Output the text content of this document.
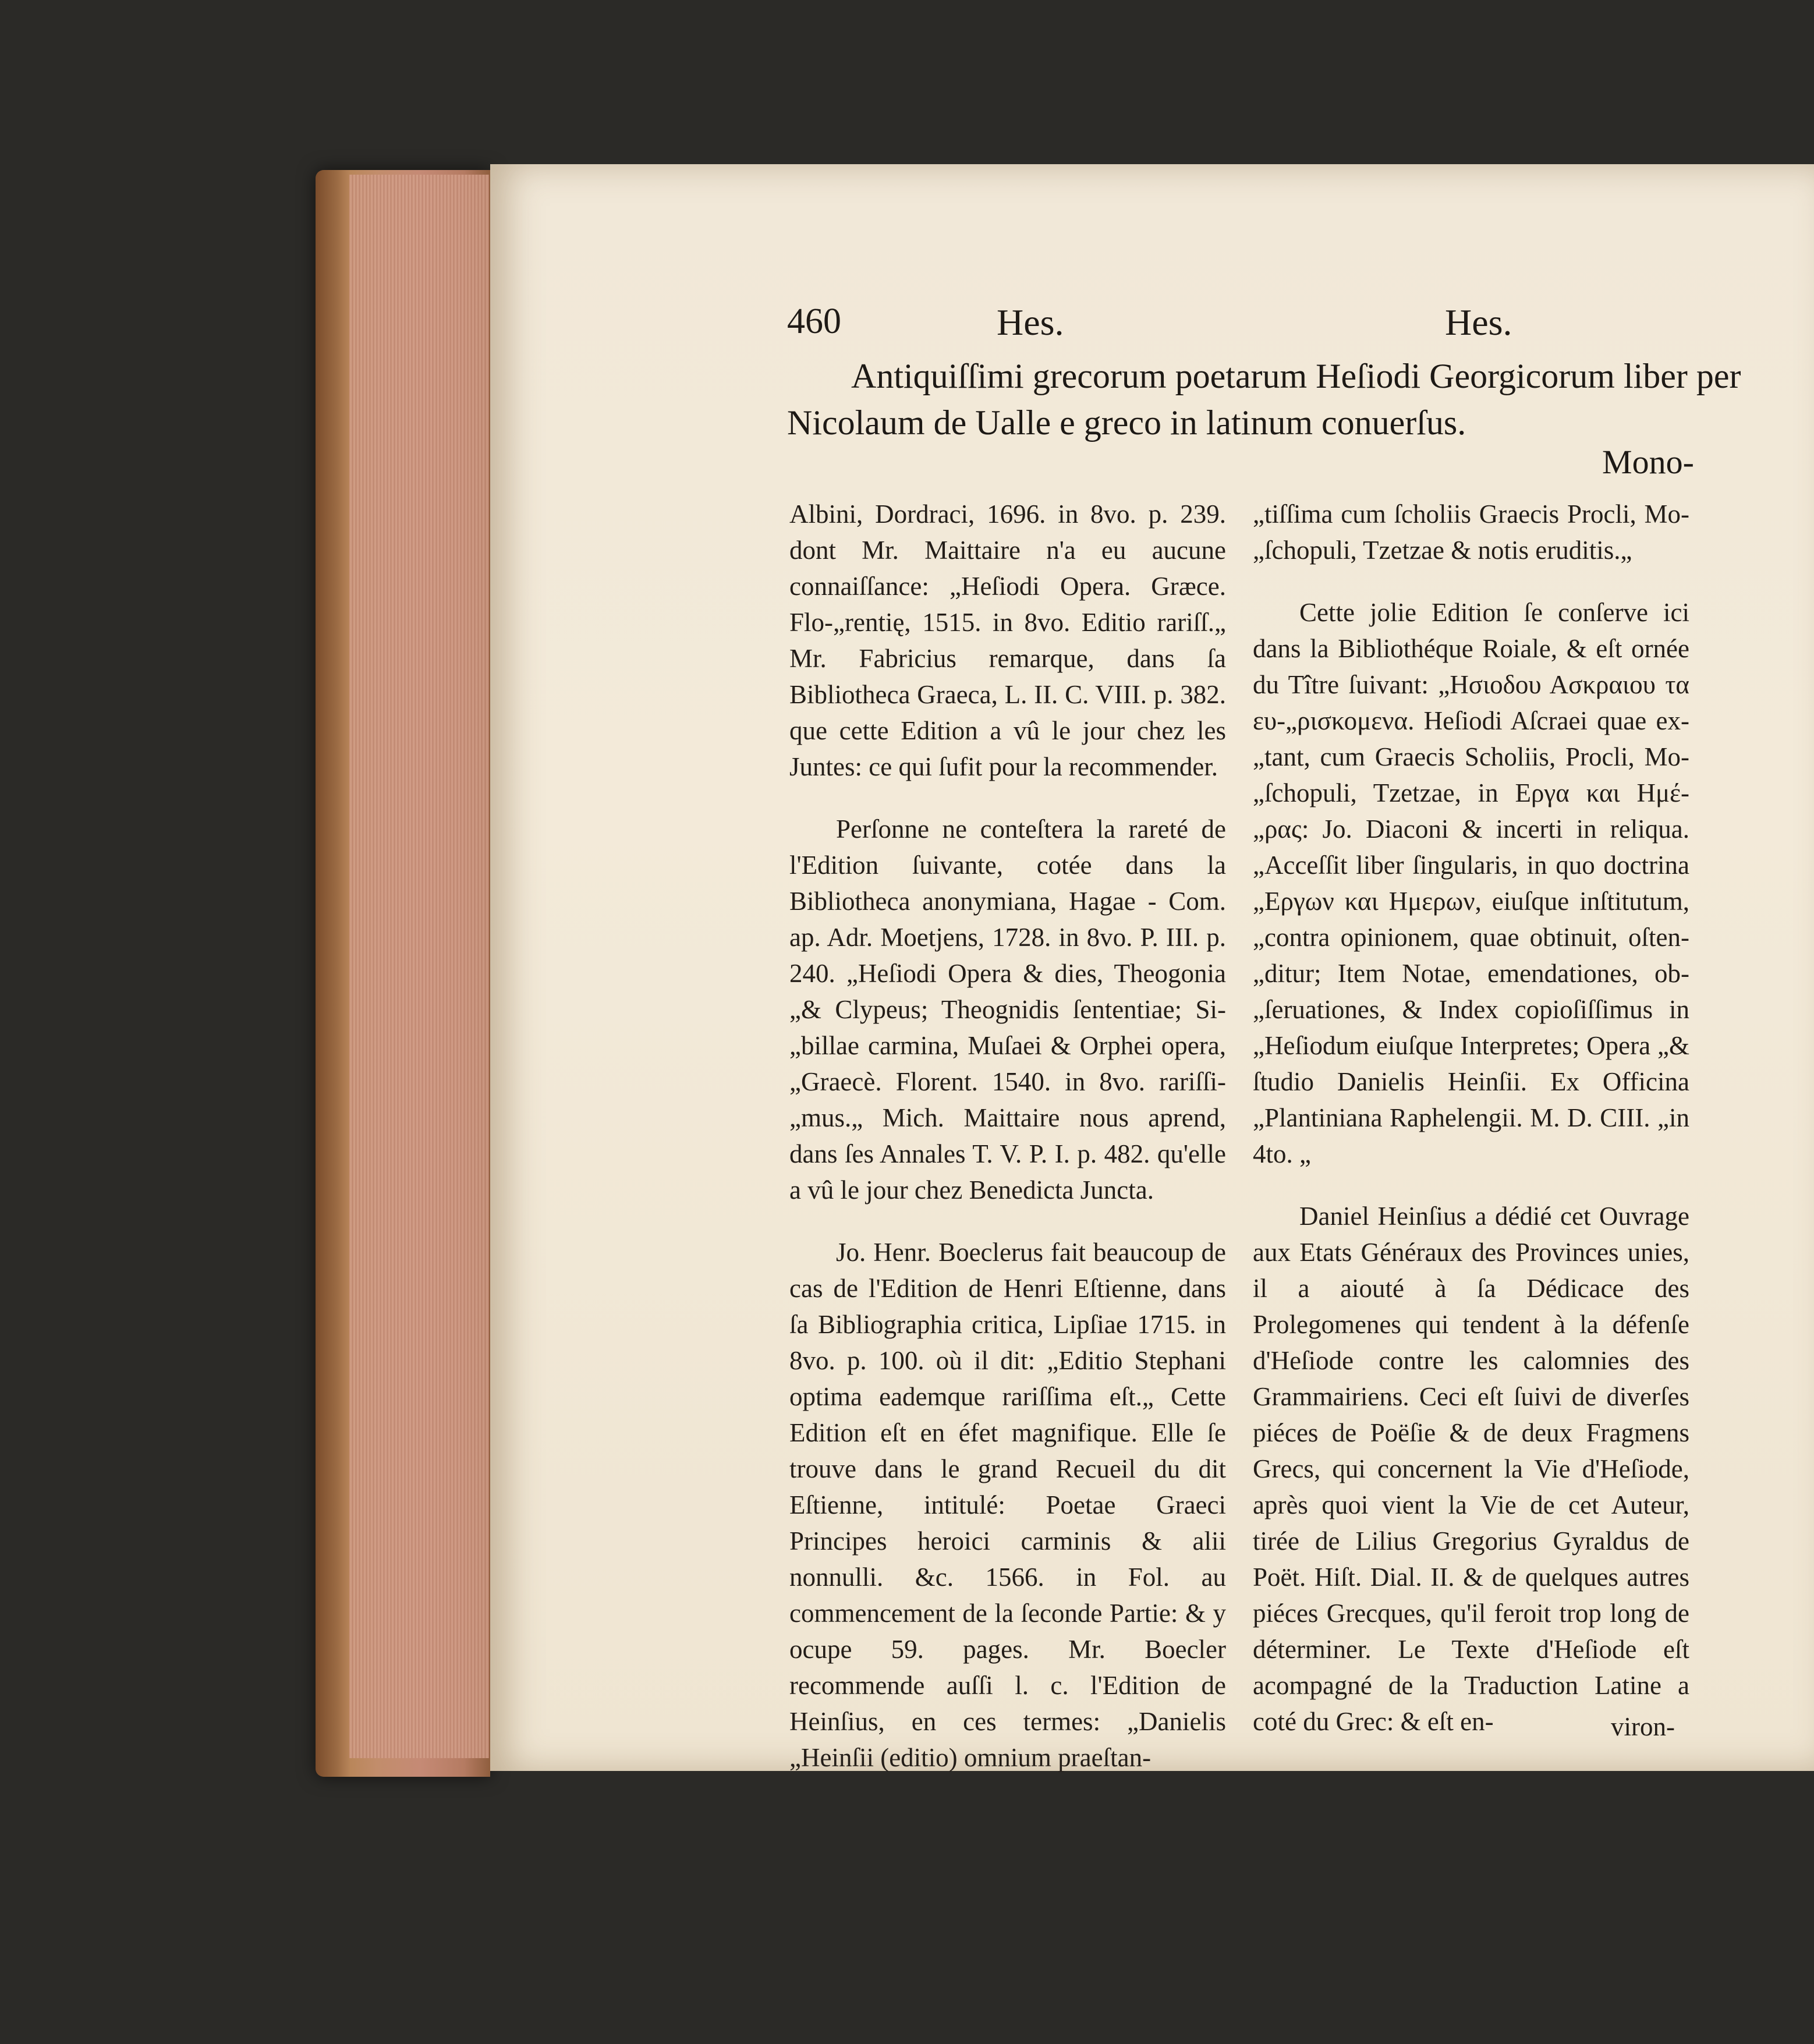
460	Hes.	Hes.
Antiquiſſimi grecorum poetarum Heſiodi Georgicorum liber per
Nicolaum de Ualle e greco in latinum conuerſus.
Mono-

Albini, Dordraci, 1696. in 8vo. p. 239. dont Mr. Maittaire n'a eu aucune connaiſſance: „Heſiodi Opera. Græce. Flo-„rentię, 1515. in 8vo. Editio rariſſ.„ Mr. Fabricius remarque, dans ſa Bibliotheca Graeca, L. II. C. VIII. p. 382. que cette Edition a vû le jour chez les Juntes: ce qui ſufit pour la recommender.

Perſonne ne conteſtera la rareté de l'Edition ſuivante, cotée dans la Bibliotheca anonymiana, Hagae - Com. ap. Adr. Moetjens, 1728. in 8vo. P. III. p. 240. „Heſiodi Opera & dies, Theogonia „& Clypeus; Theognidis ſententiae; Si-„billae carmina, Muſaei & Orphei opera, „Graecè. Florent. 1540. in 8vo. rariſſi-„mus.„ Mich. Maittaire nous aprend, dans ſes Annales T. V. P. I. p. 482. qu'elle a vû le jour chez Benedicta Juncta.

Jo. Henr. Boeclerus fait beaucoup de cas de l'Edition de Henri Eſtienne, dans ſa Bibliographia critica, Lipſiae 1715. in 8vo. p. 100. où il dit: „Editio Stephani optima eademque rariſſima eſt.„ Cette Edition eſt en éfet magnifique. Elle ſe trouve dans le grand Recueil du dit Eſtienne, intitulé: Poetae Graeci Principes heroici carminis & alii nonnulli. &c. 1566. in Fol. au commencement de la ſeconde Partie: & y ocupe 59. pages. Mr. Boecler recommende auſſi l. c. l'Edition de Heinſius, en ces termes: „Danielis „Heinſii (editio) omnium praeſtan-

„tiſſima cum ſcholiis Graecis Procli, Mo-„ſchopuli, Tzetzae & notis eruditis.„

Cette jolie Edition ſe conſerve ici dans la Bibliothéque Roiale, & eſt ornée du Tître ſuivant: „Ησιοδου Ασκραιου τα ευ-„ρισκομενα. Heſiodi Aſcraei quae ex-„tant, cum Graecis Scholiis, Procli, Mo-„ſchopuli, Tzetzae, in Εργα και Ημέ-„ρας: Jo. Diaconi & incerti in reliqua. „Acceſſit liber ſingularis, in quo doctrina „Εργων και Ημερων, eiuſque inſtitutum, „contra opinionem, quae obtinuit, oſten-„ditur; Item Notae, emendationes, ob-„ſeruationes, & Index copioſiſſimus in „Heſiodum eiuſque Interpretes; Opera „& ſtudio Danielis Heinſii. Ex Officina „Plantiniana Raphelengii. M. D. CIII. „in 4to. „

Daniel Heinſius a dédié cet Ouvrage aux Etats Généraux des Provinces unies, il a aiouté à ſa Dédicace des Prolegomenes qui tendent à la défenſe d'Heſiode contre les calomnies des Grammairiens. Ceci eſt ſuivi de diverſes piéces de Poëſie & de deux Fragmens Grecs, qui concernent la Vie d'Heſiode, après quoi vient la Vie de cet Auteur, tirée de Lilius Gregorius Gyraldus de Poët. Hiſt. Dial. II. & de quelques autres piéces Grecques, qu'il feroit trop long de déterminer. Le Texte d'Heſiode eſt acompagné de la Traduction Latine a coté du Grec: & eſt en-	viron-
